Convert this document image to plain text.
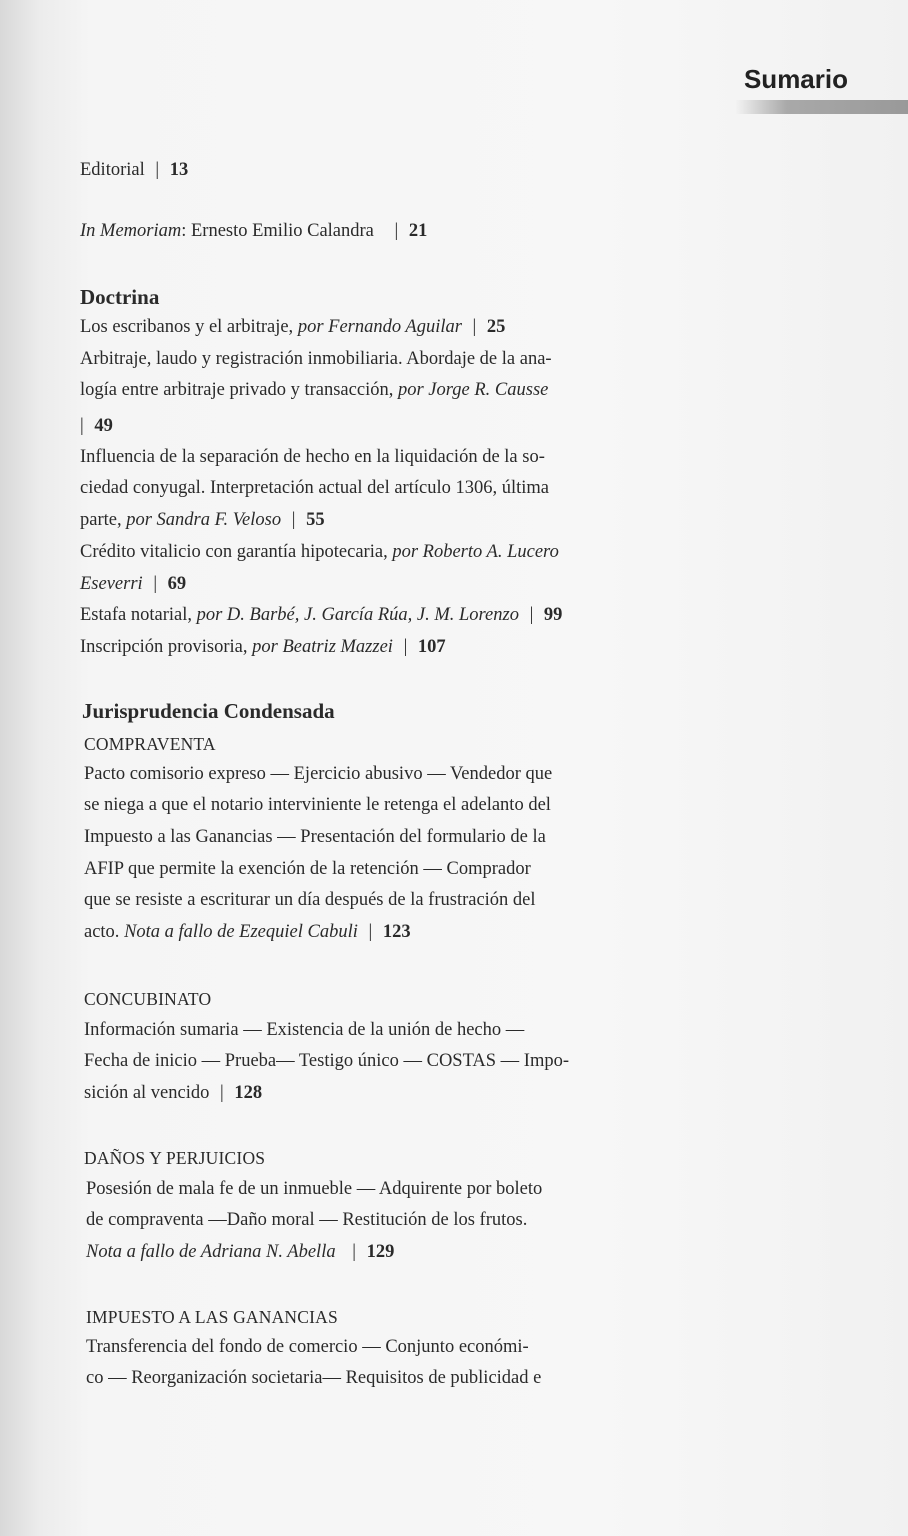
Sumario
Editorial | 13
In Memoriam: Ernesto Emilio Calandra | 21
Doctrina
Los escribanos y el arbitraje, por Fernando Aguilar | 25
Arbitraje, laudo y registración inmobiliaria. Abordaje de la ana-
logía entre arbitraje privado y transacción, por Jorge R. Causse
| 49
Influencia de la separación de hecho en la liquidación de la so-
ciedad conyugal. Interpretación actual del artículo 1306, última
parte, por Sandra F. Veloso | 55
Crédito vitalicio con garantía hipotecaria, por Roberto A. Lucero
Eseverri | 69
Estafa notarial, por D. Barbé, J. García Rúa, J. M. Lorenzo | 99
Inscripción provisoria, por Beatriz Mazzei | 107
Jurisprudencia Condensada
COMPRAVENTA
Pacto comisorio expreso — Ejercicio abusivo — Vendedor que
se niega a que el notario interviniente le retenga el adelanto del
Impuesto a las Ganancias — Presentación del formulario de la
AFIP que permite la exención de la retención — Comprador
que se resiste a escriturar un día después de la frustración del
acto. Nota a fallo de Ezequiel Cabuli | 123
CONCUBINATO
Información sumaria — Existencia de la unión de hecho —
Fecha de inicio — Prueba— Testigo único — COSTAS — Impo-
sición al vencido | 128
DAÑOS Y PERJUICIOS
Posesión de mala fe de un inmueble — Adquirente por boleto
de compraventa —Daño moral — Restitución de los frutos.
Nota a fallo de Adriana N. Abella | 129
IMPUESTO A LAS GANANCIAS
Transferencia del fondo de comercio — Conjunto económi-
co — Reorganización societaria— Requisitos de publicidad e
